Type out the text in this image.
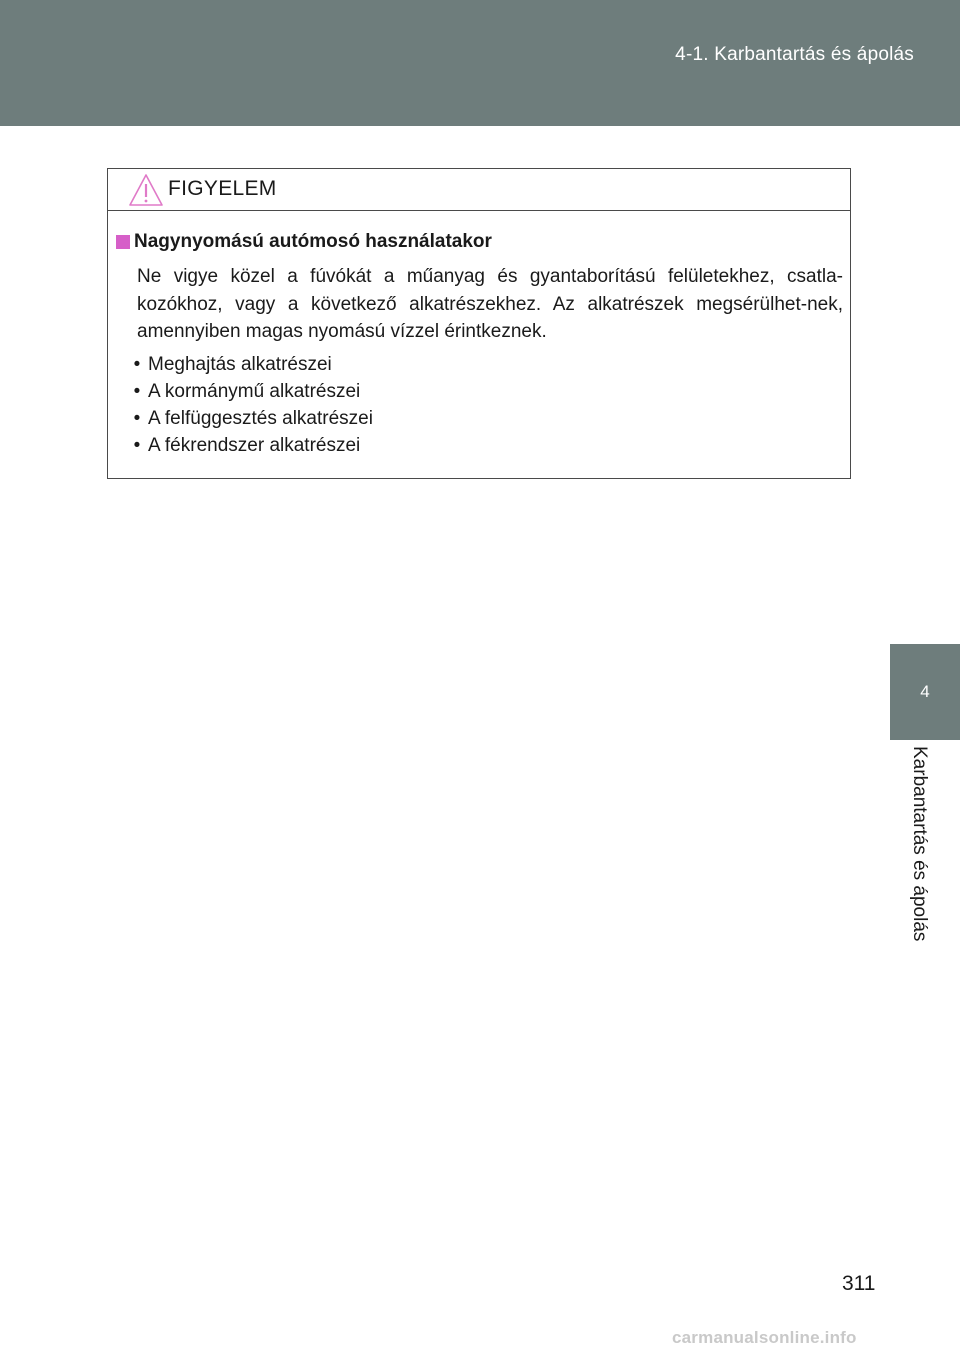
4-1. Karbantartás és ápolás
4
Karbantartás és ápolás
FIGYELEM
Nagynyomású autómosó használatakor
Ne vigye közel a fúvókát a műanyag és gyantaborítású felületekhez, csatla-kozókhoz, vagy a következő alkatrészekhez. Az alkatrészek megsérülhet-nek, amennyiben magas nyomású vízzel érintkeznek.
• Meghajtás alkatrészei
• A kormánymű alkatrészei
• A felfüggesztés alkatrészei
• A fékrendszer alkatrészei
311
carmanualsonline.info
